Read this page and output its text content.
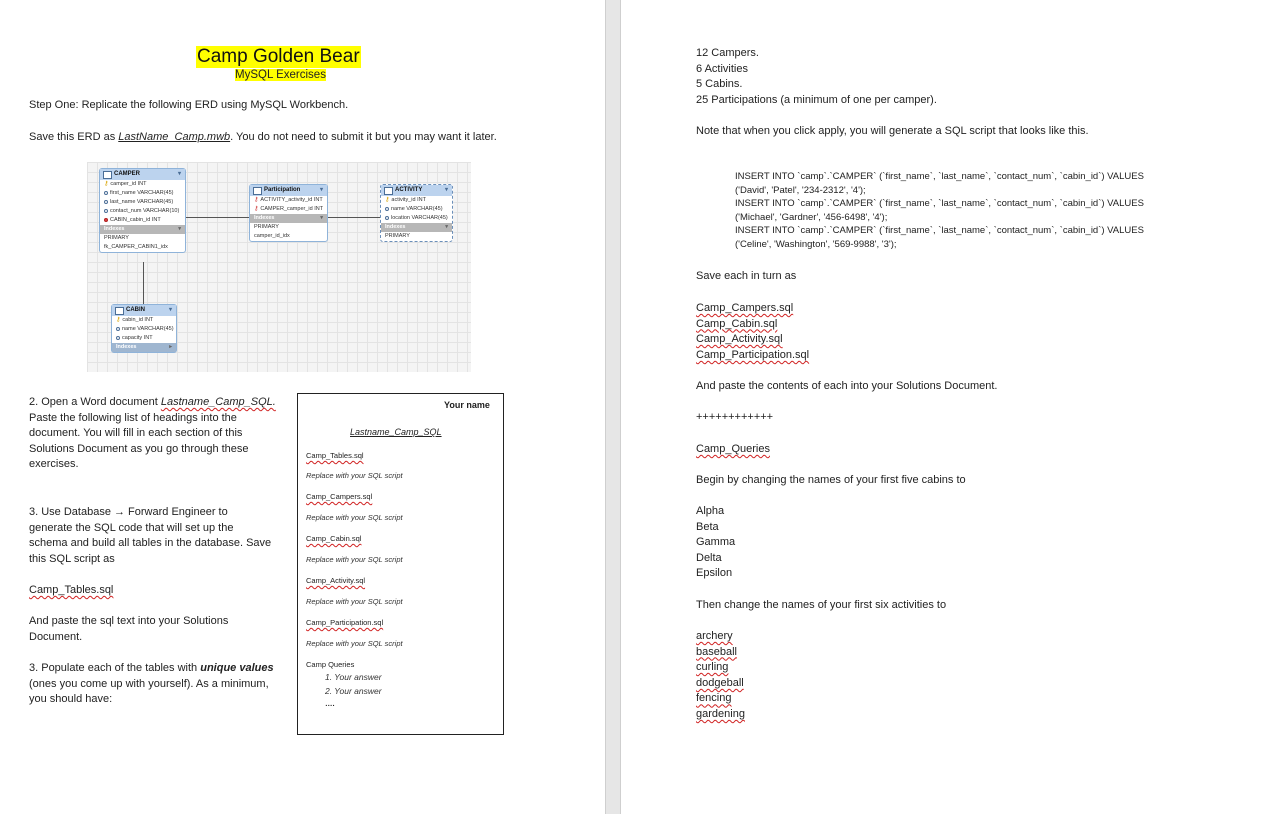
Camp Golden Bear
MySQL Exercises
Step One: Replicate the following ERD using MySQL Workbench.
Save this ERD as LastName_Camp.mwb. You do not need to submit it but you may want it later.
CAMPER	▾
⚷ camper_id INT
first_name VARCHAR(45)
last_name VARCHAR(45)
contact_num VARCHAR(10)
CABIN_cabin_id INT
Indexes	▾
PRIMARY
fk_CAMPER_CABIN1_idx
Participation	▾
⚷ ACTIVITY_activity_id INT
⚷ CAMPER_camper_id INT
Indexes	▾
PRIMARY
camper_id_idx
ACTIVITY	▾
⚷ activity_id INT
name VARCHAR(45)
location VARCHAR(45)
Indexes	▾
PRIMARY
CABIN	▾
⚷ cabin_id INT
name VARCHAR(45)
capacity INT
Indexes	▸
2. Open a Word document Lastname_Camp_SQL.
Paste the following list of headings into the
document. You will fill in each section of this
Solutions Document as you go through these
exercises.
3. Use Database → Forward Engineer to
generate the SQL code that will set up the
schema and build all tables in the database. Save
this SQL script as
Camp_Tables.sql
And paste the sql text into your Solutions
Document.
3. Populate each of the tables with unique values
(ones you come up with yourself). As a minimum,
you should have:
Your name
Lastname_Camp_SQL
Camp_Tables.sql
Replace with your SQL script
Camp_Campers.sql
Replace with your SQL script
Camp_Cabin.sql
Replace with your SQL script
Camp_Activity.sql
Replace with your SQL script
Camp_Participation.sql
Replace with your SQL script
Camp Queries
1. Your answer
2. Your answer
….
12 Campers.
6 Activities
5 Cabins.
25 Participations (a minimum of one per camper).
Note that when you click apply, you will generate a SQL script that looks like this.
INSERT INTO `camp`.`CAMPER` (`first_name`, `last_name`, `contact_num`, `cabin_id`) VALUES
('David', 'Patel', '234-2312', '4');
INSERT INTO `camp`.`CAMPER` (`first_name`, `last_name`, `contact_num`, `cabin_id`) VALUES
('Michael', 'Gardner', '456-6498', '4');
INSERT INTO `camp`.`CAMPER` (`first_name`, `last_name`, `contact_num`, `cabin_id`) VALUES
('Celine', 'Washington', '569-9988', '3');
Save each in turn as
Camp_Campers.sql
Camp_Cabin.sql
Camp_Activity.sql
Camp_Participation.sql
And paste the contents of each into your Solutions Document.
++++++++++++
Camp_Queries
Begin by changing the names of your first five cabins to
Alpha
Beta
Gamma
Delta
Epsilon
Then change the names of your first six activities to
archery
baseball
curling
dodgeball
fencing
gardening
